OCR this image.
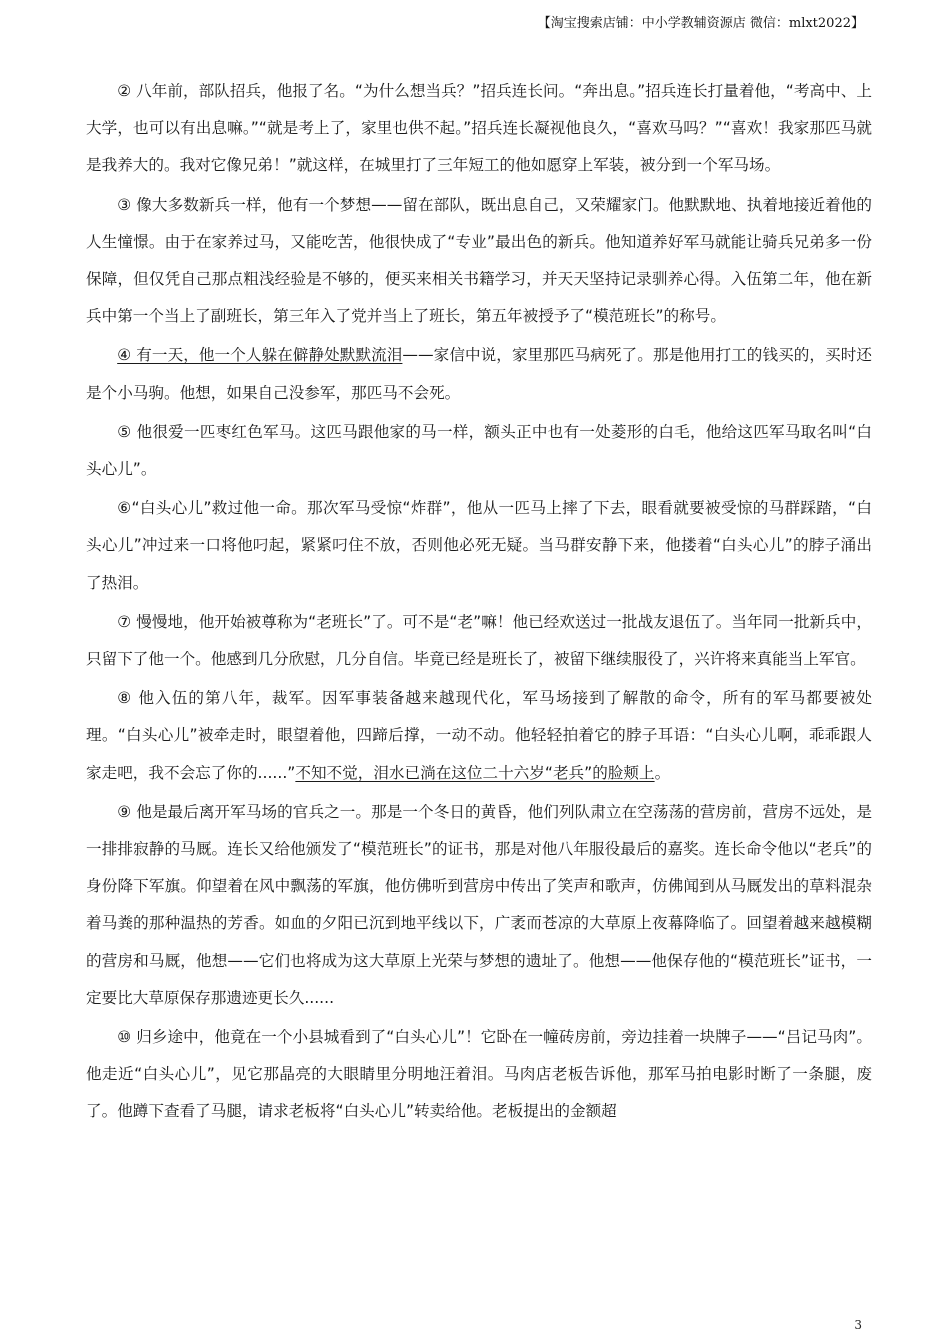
【淘宝搜索店铺：中小学教辅资源店 微信：mlxt2022】

② 八年前，部队招兵，他报了名。“为什么想当兵？”招兵连长问。“奔出息。”招兵连长打量着他，“考高中、上大学，也可以有出息嘛。”“就是考上了，家里也供不起。”招兵连长凝视他良久，“喜欢马吗？”“喜欢！我家那匹马就是我养大的。我对它像兄弟！”就这样，在城里打了三年短工的他如愿穿上军装，被分到一个军马场。

③ 像大多数新兵一样，他有一个梦想——留在部队，既出息自己，又荣耀家门。他默默地、执着地接近着他的人生憧憬。由于在家养过马，又能吃苦，他很快成了“专业”最出色的新兵。他知道养好军马就能让骑兵兄弟多一份保障，但仅凭自己那点粗浅经验是不够的，便买来相关书籍学习，并天天坚持记录驯养心得。入伍第二年，他在新兵中第一个当上了副班长，第三年入了党并当上了班长，第五年被授予了“模范班长”的称号。

④ 有一天，他一个人躲在僻静处默默流泪——家信中说，家里那匹马病死了。那是他用打工的钱买的，买时还是个小马驹。他想，如果自己没参军，那匹马不会死。

⑤ 他很爱一匹枣红色军马。这匹马跟他家的马一样，额头正中也有一处菱形的白毛，他给这匹军马取名叫“白头心儿”。

⑥“白头心儿”救过他一命。那次军马受惊“炸群”，他从一匹马上摔了下去，眼看就要被受惊的马群踩踏，“白头心儿”冲过来一口将他叼起，紧紧叼住不放，否则他必死无疑。当马群安静下来，他搂着“白头心儿”的脖子涌出了热泪。

⑦ 慢慢地，他开始被尊称为“老班长”了。可不是“老”嘛！他已经欢送过一批战友退伍了。当年同一批新兵中，只留下了他一个。他感到几分欣慰，几分自信。毕竟已经是班长了，被留下继续服役了，兴许将来真能当上军官。

⑧ 他入伍的第八年，裁军。因军事装备越来越现代化，军马场接到了解散的命令，所有的军马都要被处理。“白头心儿”被牵走时，眼望着他，四蹄后撑，一动不动。他轻轻拍着它的脖子耳语：“白头心儿啊，乖乖跟人家走吧，我不会忘了你的......”不知不觉，泪水已淌在这位二十六岁“老兵”的脸颊上。

⑨ 他是最后离开军马场的官兵之一。那是一个冬日的黄昏，他们列队肃立在空荡荡的营房前，营房不远处，是一排排寂静的马厩。连长又给他颁发了“模范班长”的证书，那是对他八年服役最后的嘉奖。连长命令他以“老兵”的身份降下军旗。仰望着在风中飘荡的军旗，他仿佛听到营房中传出了笑声和歌声，仿佛闻到从马厩发出的草料混杂着马粪的那种温热的芳香。如血的夕阳已沉到地平线以下，广袤而苍凉的大草原上夜幕降临了。回望着越来越模糊的营房和马厩，他想——它们也将成为这大草原上光荣与梦想的遗址了。他想——他保存他的“模范班长”证书，一定要比大草原保存那遗迹更长久......

⑩ 归乡途中，他竟在一个小县城看到了“白头心儿”！它卧在一幢砖房前，旁边挂着一块牌子——“吕记马肉”。他走近“白头心儿”，见它那晶亮的大眼睛里分明地汪着泪。马肉店老板告诉他，那军马拍电影时断了一条腿，废了。他蹲下查看了马腿，请求老板将“白头心儿”转卖给他。老板提出的金额超

3
